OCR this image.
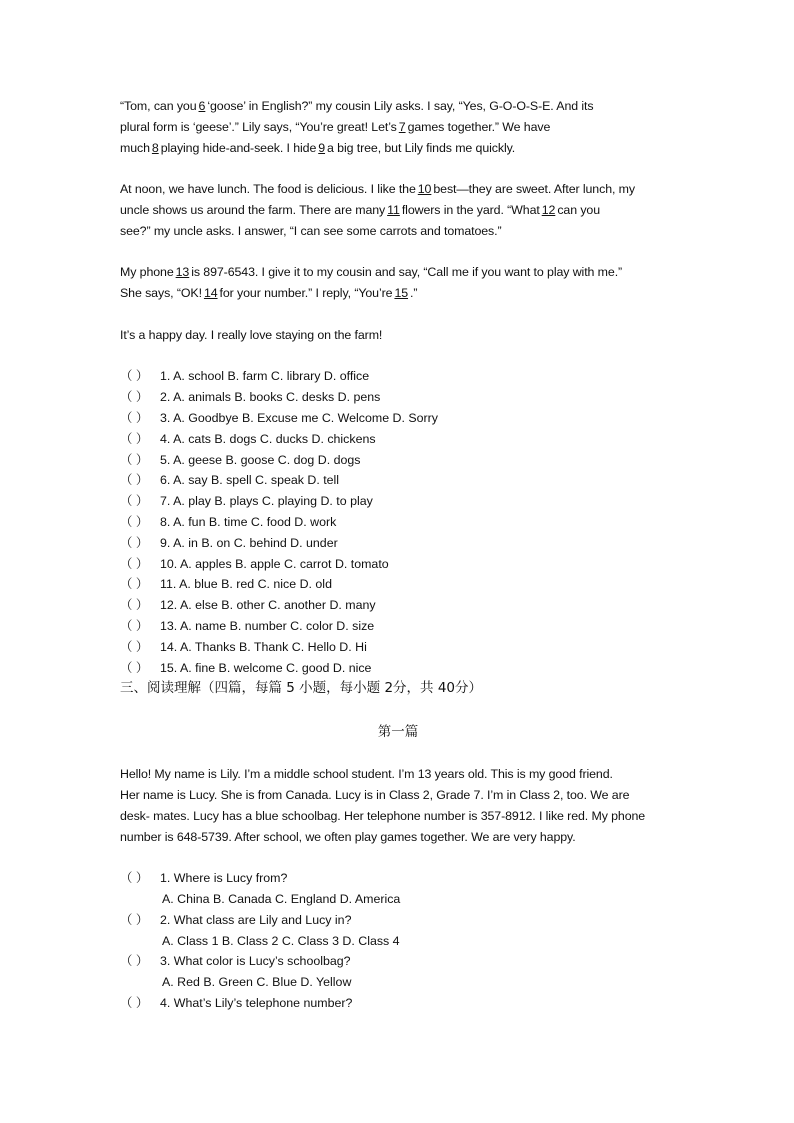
“Tom, can you 6 ‘goose’ in English?” my cousin Lily asks. I say, “Yes, G-O-O-S-E. And its
plural form is ‘geese’.” Lily says, “You’re great! Let’s 7 games together.” We have
much 8 playing hide-and-seek. I hide 9 a big tree, but Lily finds me quickly.
At noon, we have lunch. The food is delicious. I like the 10 best—they are sweet. After lunch, my
uncle shows us around the farm. There are many 11 flowers in the yard. “What 12 can you
see?” my uncle asks. I answer, “I can see some carrots and tomatoes.”
My phone 13 is 897-6543. I give it to my cousin and say, “Call me if you want to play with me.”
She says, “OK! 14 for your number.” I reply, “You’re 15 .”
It’s a happy day. I really love staying on the farm!
（ ） 1. A. school B. farm C. library D. office
（ ） 2. A. animals B. books C. desks D. pens
（ ） 3. A. Goodbye B. Excuse me C. Welcome D. Sorry
（ ） 4. A. cats B. dogs C. ducks D. chickens
（ ） 5. A. geese B. goose C. dog D. dogs
（ ） 6. A. say B. spell C. speak D. tell
（ ） 7. A. play B. plays C. playing D. to play
（ ） 8. A. fun B. time C. food D. work
（ ） 9. A. in B. on C. behind D. under
（ ） 10. A. apples B. apple C. carrot D. tomato
（ ） 11. A. blue B. red C. nice D. old
（ ） 12. A. else B. other C. another D. many
（ ） 13. A. name B. number C. color D. size
（ ） 14. A. Thanks B. Thank C. Hello D. Hi
（ ） 15. A. fine B. welcome C. good D. nice
三、阅读理解（四篇，每篇 5 小题，每小题 2分，共 40分）
第一篇
Hello! My name is Lily. I’m a middle school student. I’m 13 years old. This is my good friend.
Her name is Lucy. She is from Canada. Lucy is in Class 2, Grade 7. I’m in Class 2, too. We are
desk- mates. Lucy has a blue schoolbag. Her telephone number is 357-8912. I like red. My phone
number is 648-5739. After school, we often play games together. We are very happy.
（ ） 1. Where is Lucy from?
A. China B. Canada C. England D. America
（ ） 2. What class are Lily and Lucy in?
A. Class 1 B. Class 2 C. Class 3 D. Class 4
（ ） 3. What color is Lucy’s schoolbag?
A. Red B. Green C. Blue D. Yellow
（ ） 4. What’s Lily’s telephone number?
